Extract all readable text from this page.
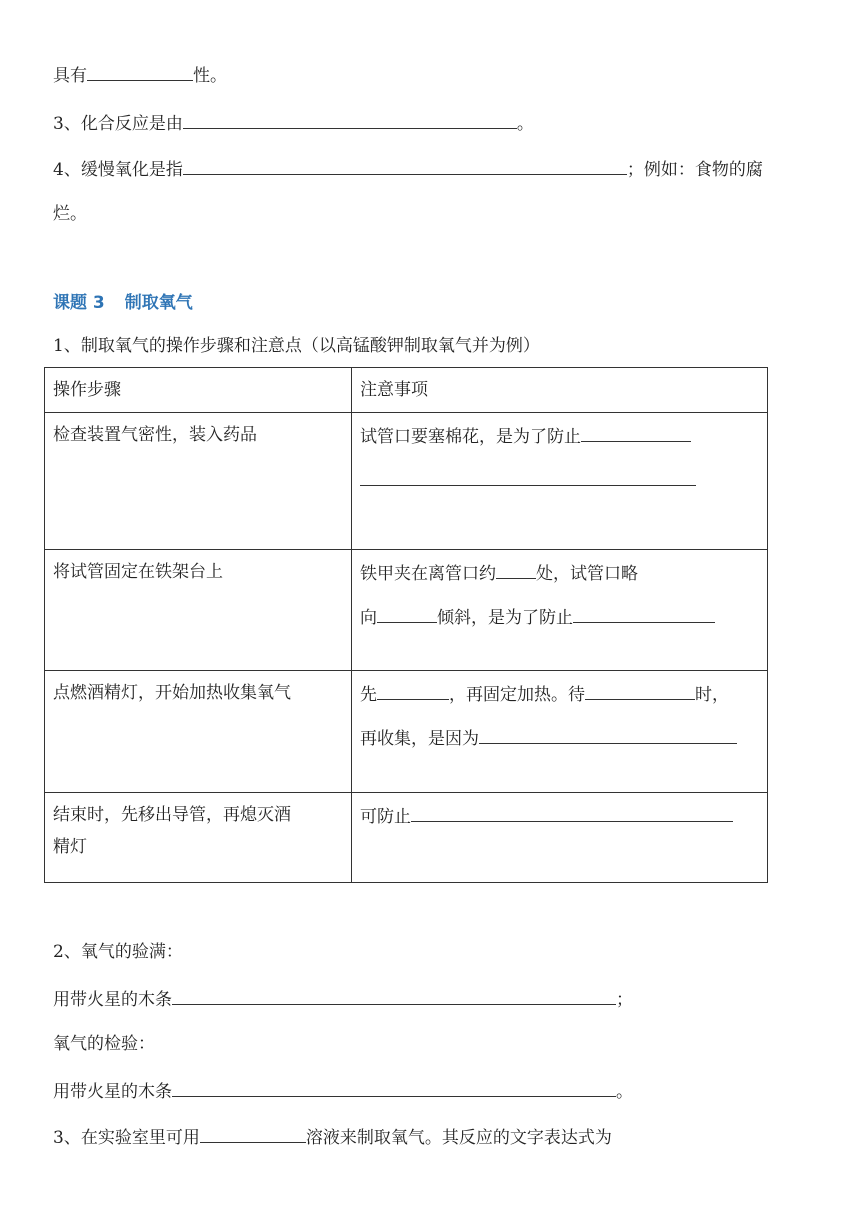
具有	性。
3、化合反应是由	。
4、缓慢氧化是指	；例如：食物的腐
烂。
课题 3 制取氧气
1、制取氧气的操作步骤和注意点（以高锰酸钾制取氧气并为例）
操作步骤	注意事项
检查装置气密性，装入药品	试管口要塞棉花，是为了防止

将试管固定在铁架台上	铁甲夹在离管口约 处，试管口略
向 倾斜，是为了防止

点燃酒精灯，开始加热收集氧气	先 ，再固定加热。待 时，
再收集，是因为

结束时，先移出导管，再熄灭酒
精灯	可防止
2、氧气的验满：
用带火星的木条	；
氧气的检验：
用带火星的木条	。
3、在实验室里可用	溶液来制取氧气。其反应的文字表达式为
